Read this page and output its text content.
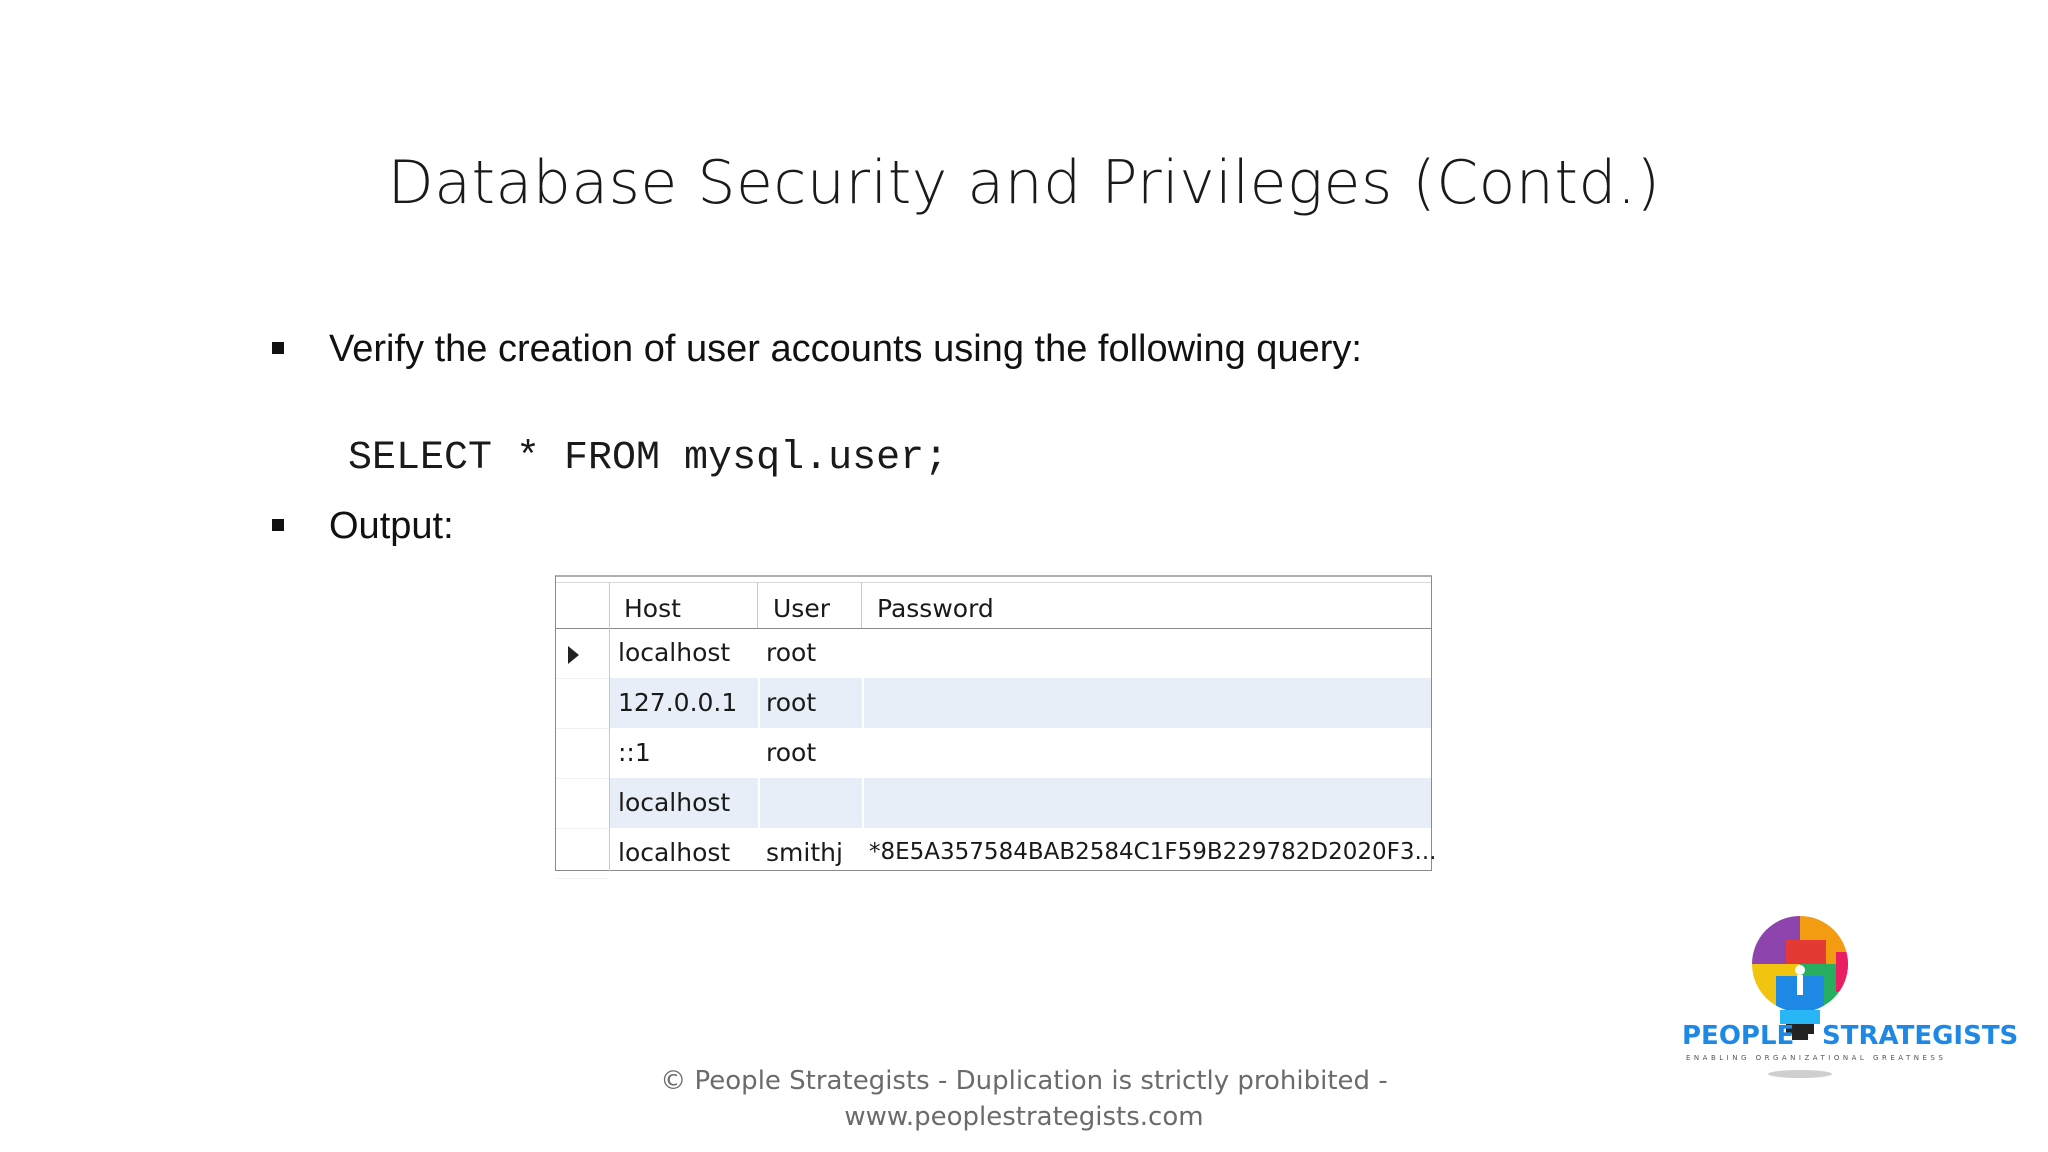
Database Security and Privileges (Contd.)
Verify the creation of user accounts using the following query:
SELECT * FROM mysql.user;
Output:
Host	User Password
localhost root
127.0.0.1 root
::1	root
localhost
localhost smithj *8E5A357584BAB2584C1F59B229782D2020F3...
© People Strategists - Duplication is strictly prohibited -
www.peoplestrategists.com
PEOPLE STRATEGISTS
ENABLING ORGANIZATIONAL GREATNESS
